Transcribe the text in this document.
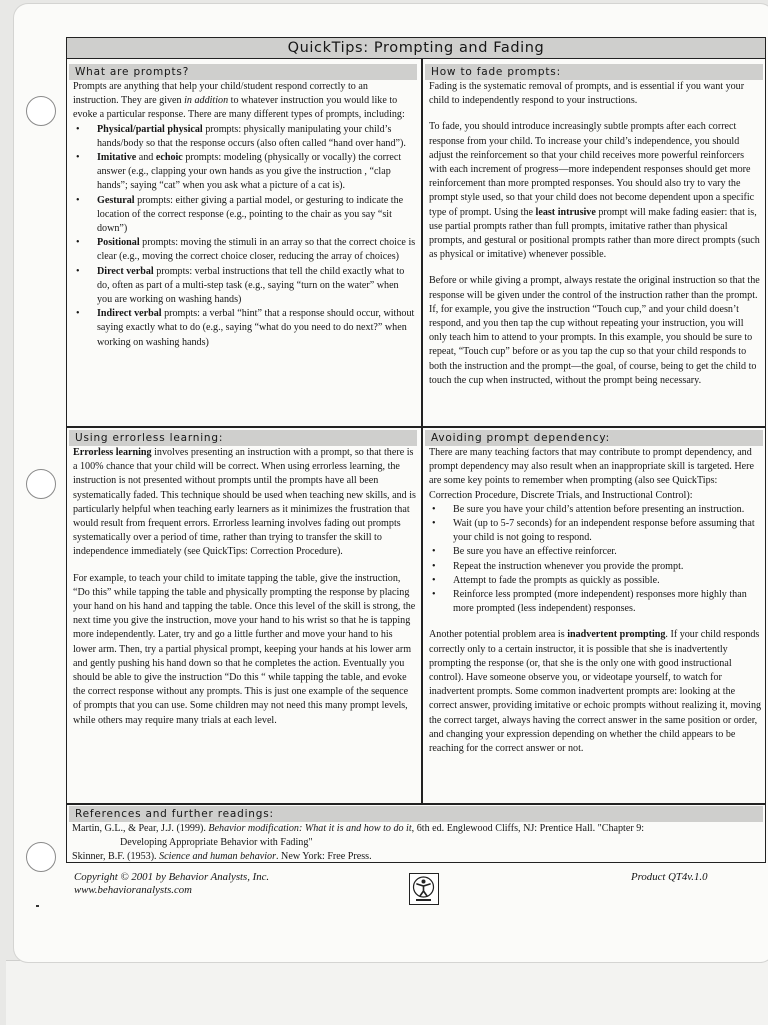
QuickTips: Prompting and Fading
What are prompts?	How to fade prompts:
Using errorless learning:	Avoiding prompt dependency:
References and further readings:

Prompts are anything that help your child/student respond correctly to an instruction. They are given in addition to whatever instruction you would like to evoke a particular response. There are many different types of prompts, including:

• Physical/partial physical prompts: physically manipulating your child’s hands/body so that the response occurs (also often called “hand over hand”).
• Imitative and echoic prompts: modeling (physically or vocally) the correct answer (e.g., clapping your own hands as you give the instruction , “clap hands”; saying “cat” when you ask what a picture of a cat is).
• Gestural prompts: either giving a partial model, or gesturing to indicate the location of the correct response (e.g., pointing to the chair as you say “sit down”)
• Positional prompts: moving the stimuli in an array so that the correct choice is clear (e.g., moving the correct choice closer, reducing the array of choices)
• Direct verbal prompts: verbal instructions that tell the child exactly what to do, often as part of a multi-step task (e.g., saying “turn on the water” when you are working on washing hands)
• Indirect verbal prompts: a verbal “hint” that a response should occur, without saying exactly what to do (e.g., saying “what do you need to do next?” when working on washing hands)

Fading is the systematic removal of prompts, and is essential if you want your child to independently respond to your instructions.

To fade, you should introduce increasingly subtle prompts after each correct response from your child. To increase your child’s independence, you should adjust the reinforcement so that your child receives more powerful reinforcers with each increment of progress—more independent responses should get more reinforcement than more prompted responses. You should also try to vary the prompt style used, so that your child does not become dependent upon a specific type of prompt. Using the least intrusive prompt will make fading easier: that is, use partial prompts rather than full prompts, imitative rather than physical prompts, and gestural or positional prompts rather than more direct prompts (such as physical or imitative) whenever possible.

Before or while giving a prompt, always restate the original instruction so that the response will be given under the control of the instruction rather than the prompt. If, for example, you give the instruction “Touch cup,” and your child doesn’t respond, and you then tap the cup without repeating your instruction, you will only teach him to attend to your prompts. In this example, you should be sure to repeat, “Touch cup” before or as you tap the cup so that your child responds to both the instruction and the prompt—the goal, of course, being to get the child to touch the cup when instructed, without the prompt being necessary.

Errorless learning involves presenting an instruction with a prompt, so that there is a 100% chance that your child will be correct. When using errorless learning, the instruction is not presented without prompts until the prompts have all been systematically faded. This technique should be used when teaching new skills, and is particularly helpful when teaching early learners as it minimizes the frustration that would result from frequent errors. Errorless learning involves fading out prompts systematically over a period of time, rather than trying to transfer the skill to independence immediately (see QuickTips: Correction Procedure).

For example, to teach your child to imitate tapping the table, give the instruction, “Do this” while tapping the table and physically prompting the response by placing your hand on his hand and tapping the table. Once this level of the skill is strong, the next time you give the instruction, move your hand to his wrist so that he is tapping more independently. Later, try and go a little further and move your hand to his lower arm. Then, try a partial physical prompt, keeping your hands at his lower arm and gently pushing his hand down so that he completes the action. Eventually you should be able to give the instruction “Do this “ while tapping the table, and evoke the correct response without any prompts. This is just one example of the sequence of prompts that you can use. Some children may not need this many prompt levels, while others may require many trials at each level.

There are many teaching factors that may contribute to prompt dependency, and prompt dependency may also result when an inappropriate skill is targeted. Here are some key points to remember when prompting (also see QuickTips: Correction Procedure, Discrete Trials, and Instructional Control):

• Be sure you have your child’s attention before presenting an instruction.
• Wait (up to 5-7 seconds) for an independent response before assuming that your child is not going to respond.
• Be sure you have an effective reinforcer.
• Repeat the instruction whenever you provide the prompt.
• Attempt to fade the prompts as quickly as possible.
• Reinforce less prompted (more independent) responses more highly than more prompted (less independent) responses.

Another potential problem area is inadvertent prompting. If your child responds correctly only to a certain instructor, it is possible that she is inadvertently prompting the response (or, that she is the only one with good instructional control). Have someone observe you, or videotape yourself, to watch for inadvertent prompts. Some common inadvertent prompts are: looking at the correct answer, providing imitative or echoic prompts without realizing it, moving the correct target, always having the correct answer in the same position or order, and changing your expression depending on whether the child appears to be reaching for the correct answer or not.

Martin, G.L., & Pear, J.J. (1999). Behavior modification: What it is and how to do it, 6th ed. Englewood Cliffs, NJ: Prentice Hall. "Chapter 9:
Developing Appropriate Behavior with Fading"
Skinner, B.F. (1953). Science and human behavior. New York: Free Press.
Copyright © 2001 by Behavior Analysts, Inc.
www.behavioranalysts.com
Product QT4v.1.0
